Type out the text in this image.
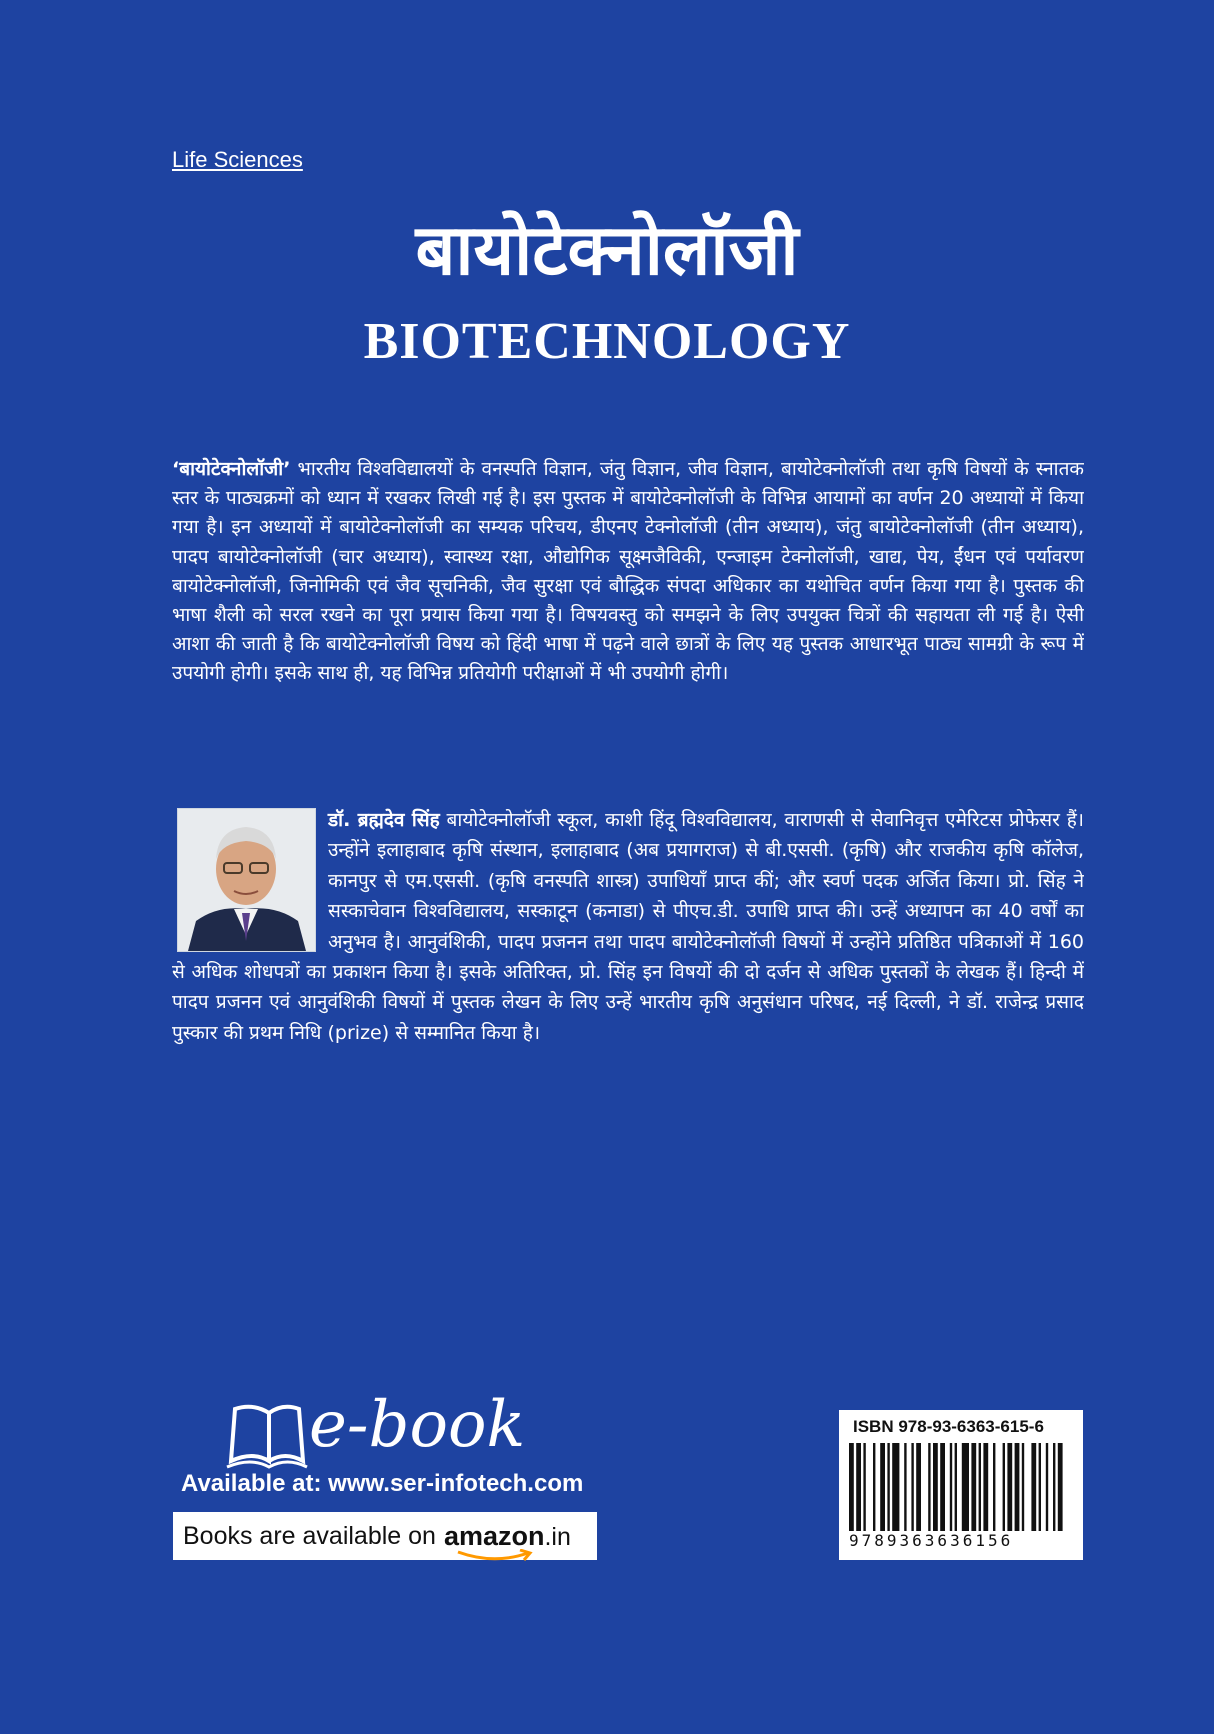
Life Sciences
बायोटेक्नोलॉजी
BIOTECHNOLOGY
‘बायोटेक्नोलॉजी’ भारतीय विश्वविद्यालयों के वनस्पति विज्ञान, जंतु विज्ञान, जीव विज्ञान, बायोटेक्नोलॉजी तथा कृषि विषयों के स्नातक स्तर के पाठ्यक्रमों को ध्यान में रखकर लिखी गई है। इस पुस्तक में बायोटेक्नोलॉजी के विभिन्न आयामों का वर्णन 20 अध्यायों में किया गया है। इन अध्यायों में बायोटेक्नोलॉजी का सम्यक परिचय, डीएनए टेक्नोलॉजी (तीन अध्याय), जंतु बायोटेक्नोलॉजी (तीन अध्याय), पादप बायोटेक्नोलॉजी (चार अध्याय), स्वास्थ्य रक्षा, औद्योगिक सूक्ष्मजैविकी, एन्जाइम टेक्नोलॉजी, खाद्य, पेय, ईंधन एवं पर्यावरण बायोटेक्नोलॉजी, जिनोमिकी एवं जैव सूचनिकी, जैव सुरक्षा एवं बौद्धिक संपदा अधिकार का यथोचित वर्णन किया गया है। पुस्तक की भाषा शैली को सरल रखने का पूरा प्रयास किया गया है। विषयवस्तु को समझने के लिए उपयुक्त चित्रों की सहायता ली गई है। ऐसी आशा की जाती है कि बायोटेक्नोलॉजी विषय को हिंदी भाषा में पढ़ने वाले छात्रों के लिए यह पुस्तक आधारभूत पाठ्य सामग्री के रूप में उपयोगी होगी। इसके साथ ही, यह विभिन्न प्रतियोगी परीक्षाओं में भी उपयोगी होगी।
डॉ. ब्रह्मदेव सिंह बायोटेक्नोलॉजी स्कूल, काशी हिंदू विश्वविद्यालय, वाराणसी से सेवानिवृत्त एमेरिटस प्रोफेसर हैं। उन्होंने इलाहाबाद कृषि संस्थान, इलाहाबाद (अब प्रयागराज) से बी.एससी. (कृषि) और राजकीय कृषि कॉलेज, कानपुर से एम.एससी. (कृषि वनस्पति शास्त्र) उपाधियाँ प्राप्त कीं; और स्वर्ण पदक अर्जित किया। प्रो. सिंह ने सस्काचेवान विश्वविद्यालय, सस्काटून (कनाडा) से पीएच.डी. उपाधि प्राप्त की। उन्हें अध्यापन का 40 वर्षों का अनुभव है। आनुवंशिकी, पादप प्रजनन तथा पादप बायोटेक्नोलॉजी विषयों में उन्होंने प्रतिष्ठित पत्रिकाओं में 160 से अधिक शोधपत्रों का प्रकाशन किया है। इसके अतिरिक्त, प्रो. सिंह इन विषयों की दो दर्जन से अधिक पुस्तकों के लेखक हैं। हिन्दी में पादप प्रजनन एवं आनुवंशिकी विषयों में पुस्तक लेखन के लिए उन्हें भारतीय कृषि अनुसंधान परिषद, नई दिल्ली, ने डॉ. राजेन्द्र प्रसाद पुस्कार की प्रथम निधि (prize) से सम्मानित किया है।
e-book
Available at: www.ser-infotech.com
Books are available on amazon.in
ISBN 978-93-6363-615-6
9789363636156
